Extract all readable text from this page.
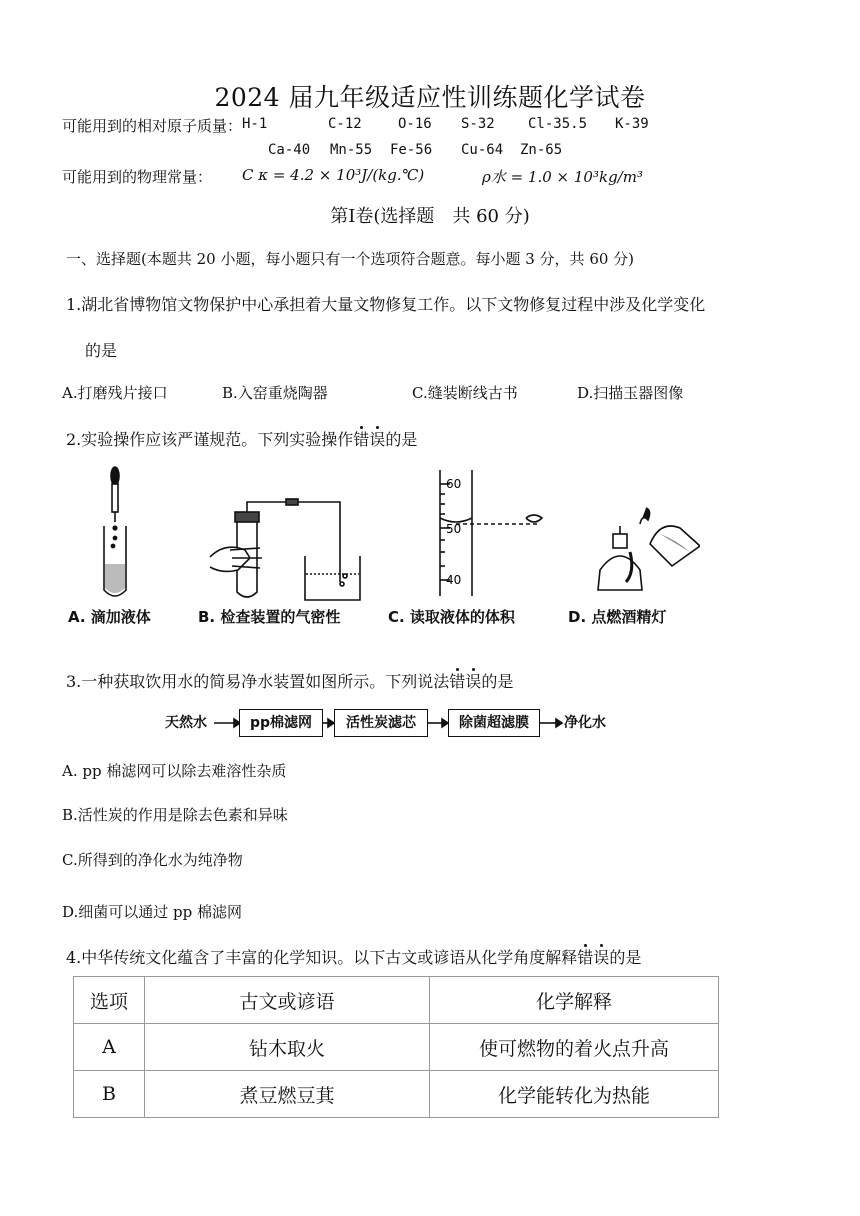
2024 届九年级适应性训练题化学试卷
可能用到的相对原子质量： H-1	C-12	O-16 S-32 Cl-35.5 K-39
Ca-40 Mn-55 Fe-56 Cu-64 Zn-65
可能用到的物理常量： C κ = 4.2 × 10³J/(kg.℃)	ρ水 = 1.0 × 10³kg/m³
第Ⅰ卷(选择题　共 60 分)
一、选择题(本题共 20 小题，每小题只有一个选项符合题意。每小题 3 分，共 60 分)
1.湖北省博物馆文物保护中心承担着大量文物修复工作。以下文物修复过程中涉及化学变化
的是
A.打磨残片接口	B.入窑重烧陶器	C.缝装断线古书	D.扫描玉器图像
2.实验操作应该严谨规范。下列实验操作错误的是
60
50
40
A. 滴加液体	B. 检查装置的气密性	C. 读取液体的体积	D. 点燃酒精灯
3.一种获取饮用水的简易净水装置如图所示。下列说法错误的是
天然水	pp棉滤网	活性炭滤芯	除菌超滤膜	净化水
A. pp 棉滤网可以除去难溶性杂质
B.活性炭的作用是除去色素和异味
C.所得到的净化水为纯净物
D.细菌可以通过 pp 棉滤网
4.中华传统文化蕴含了丰富的化学知识。以下古文或谚语从化学角度解释错误的是
选项	古文或谚语	化学解释
A	钻木取火	使可燃物的着火点升高
B	煮豆燃豆萁	化学能转化为热能
